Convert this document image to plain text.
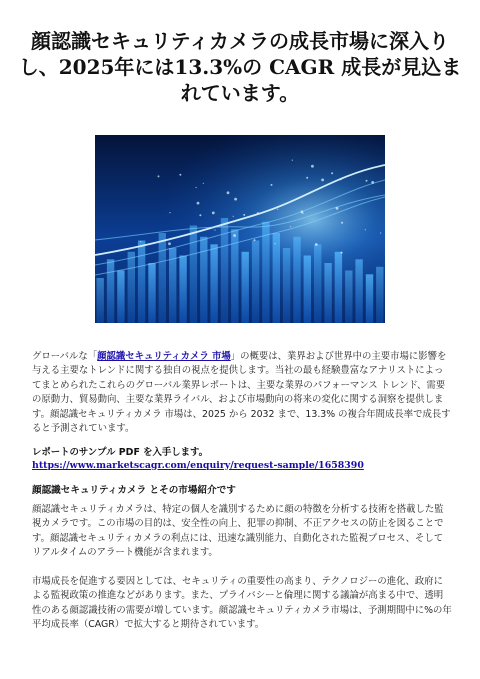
顔認識セキュリティカメラの成長市場に深入りし、2025年には13.3%の CAGR 成長が見込まれています。

グローバルな「顔認識セキュリティカメラ 市場」の概要は、業界および世界中の主要市場に影響を与える主要なトレンドに関する独自の視点を提供します。当社の最も経験豊富なアナリストによってまとめられたこれらのグローバル業界レポートは、主要な業界のパフォーマンス トレンド、需要の原動力、貿易動向、主要な業界ライバル、および市場動向の将来の変化に関する洞察を提供します。顔認識セキュリティカメラ 市場は、2025 から 2032 まで、13.3% の複合年間成長率で成長すると予測されています。

レポートのサンプル PDF を入手します。 https://www.marketscagr.com/enquiry/request-sample/1658390

顔認識セキュリティカメラ とその市場紹介です

顔認識セキュリティカメラは、特定の個人を識別するために顔の特徴を分析する技術を搭載した監視カメラです。この市場の目的は、安全性の向上、犯罪の抑制、不正アクセスの防止を図ることです。顔認識セキュリティカメラの利点には、迅速な識別能力、自動化された監視プロセス、そしてリアルタイムのアラート機能が含まれます。

市場成長を促進する要因としては、セキュリティの重要性の高まり、テクノロジーの進化、政府による監視政策の推進などがあります。また、プライバシーと倫理に関する議論が高まる中で、透明性のある顔認識技術の需要が増しています。顔認識セキュリティカメラ市場は、予測期間中に%の年平均成長率（CAGR）で拡大すると期待されています。
